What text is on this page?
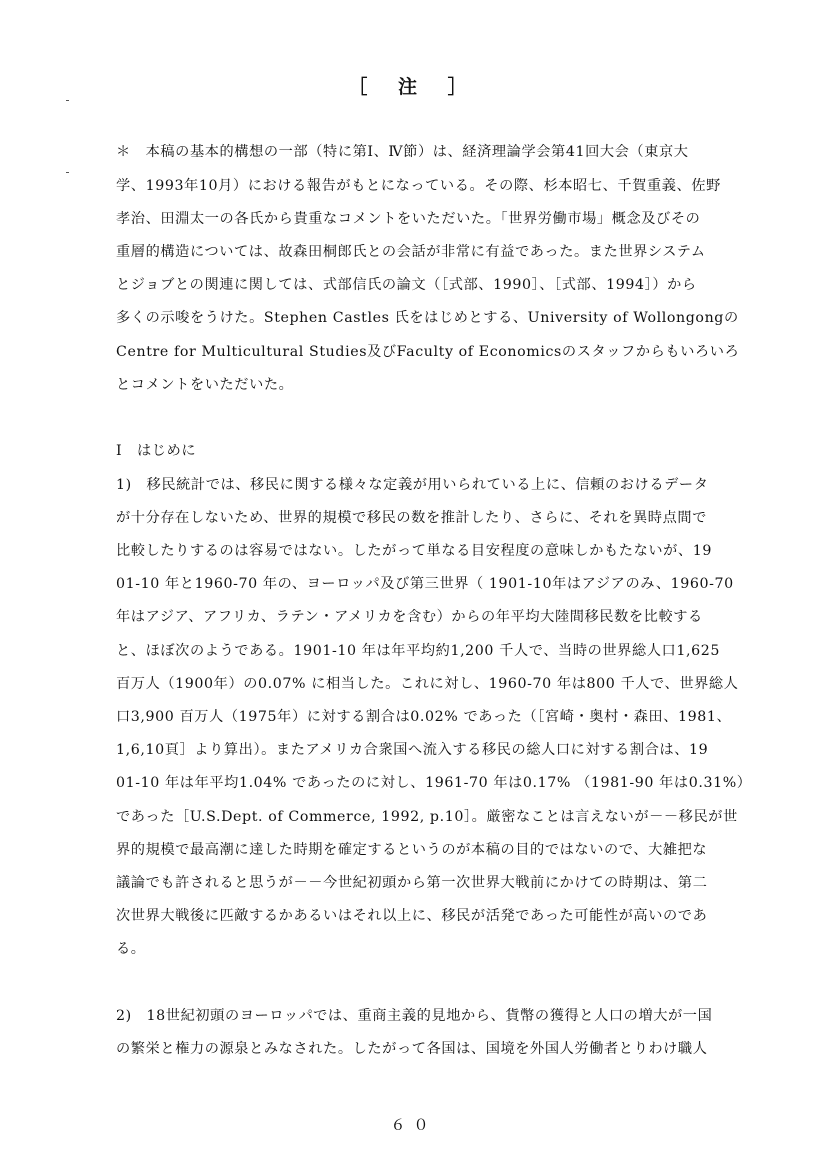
［ 注 ］
＊　本稿の基本的構想の一部（特に第Ⅰ、Ⅳ節）は、経済理論学会第41回大会（東京大
学、1993年10月）における報告がもとになっている。その際、杉本昭七、千賀重義、佐野
孝治、田淵太一の各氏から貴重なコメントをいただいた。「世界労働市場」概念及びその
重層的構造については、故森田桐郎氏との会話が非常に有益であった。また世界システム
とジョブとの関連に関しては、式部信氏の論文（［式部、1990］、［式部、1994］）から
多くの示唆をうけた。Stephen Castles 氏をはじめとする、University of Wollongongの
Centre for Multicultural Studies及びFaculty of Economicsのスタッフからもいろいろ
とコメントをいただいた。
Ⅰ　はじめに
1)　移民統計では、移民に関する様々な定義が用いられている上に、信頼のおけるデータ
が十分存在しないため、世界的規模で移民の数を推計したり、さらに、それを異時点間で
比較したりするのは容易ではない。したがって単なる目安程度の意味しかもたないが、19
01-10 年と1960-70 年の、ヨーロッパ及び第三世界（ 1901-10年はアジアのみ、1960-70
年はアジア、アフリカ、ラテン・アメリカを含む）からの年平均大陸間移民数を比較する
と、ほぼ次のようである。1901-10 年は年平均約1,200 千人で、当時の世界総人口1,625
百万人（1900年）の0.07% に相当した。これに対し、1960-70 年は800 千人で、世界総人
口3,900 百万人（1975年）に対する割合は0.02% であった（［宮崎・奥村・森田、1981、
1,6,10頁］より算出）。またアメリカ合衆国へ流入する移民の総人口に対する割合は、19
01-10 年は年平均1.04% であったのに対し、1961-70 年は0.17% （1981-90 年は0.31%）
であった［U.S.Dept. of Commerce, 1992, p.10］。厳密なことは言えないが－－移民が世
界的規模で最高潮に達した時期を確定するというのが本稿の目的ではないので、大雑把な
議論でも許されると思うが－－今世紀初頭から第一次世界大戦前にかけての時期は、第二
次世界大戦後に匹敵するかあるいはそれ以上に、移民が活発であった可能性が高いのであ
る。
2)　18世紀初頭のヨーロッパでは、重商主義的見地から、貨幣の獲得と人口の増大が一国
の繁栄と権力の源泉とみなされた。したがって各国は、国境を外国人労働者とりわけ職人
６０
